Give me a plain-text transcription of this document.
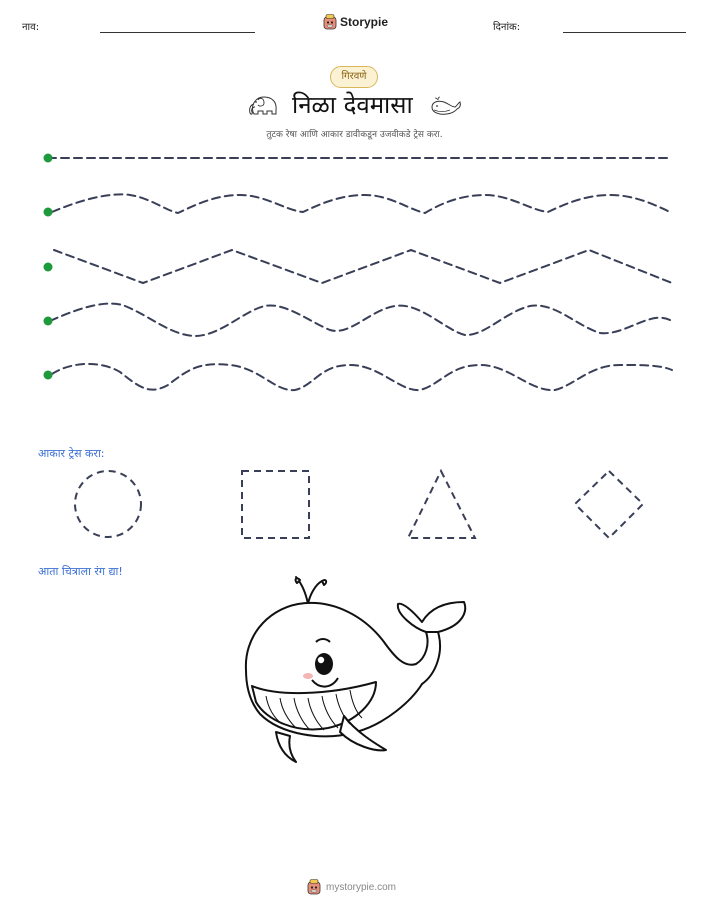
नाव:	Storypie	दिनांक:
गिरवणे
निळा देवमासा
तुटक रेषा आणि आकार डावीकडून उजवीकडे ट्रेस करा.
आकार ट्रेस करा:
आता चित्राला रंग द्या!
mystorypie.com
